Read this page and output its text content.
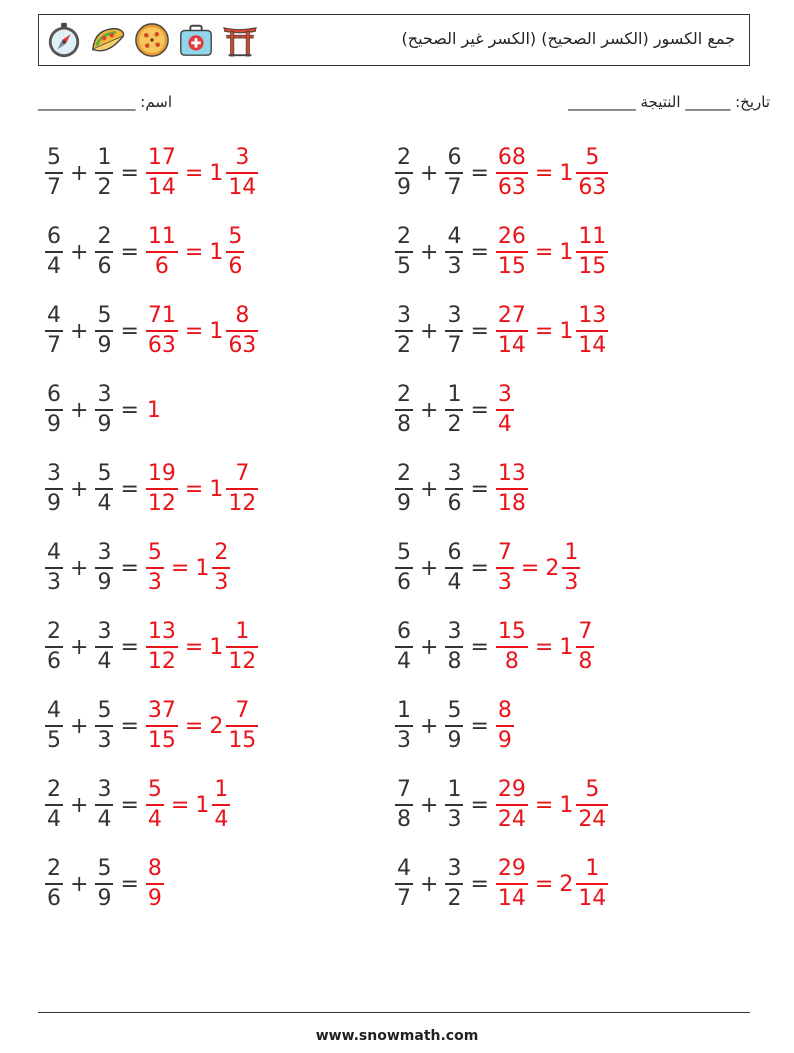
جمع الكسور (الكسر الصحيح) (الكسر غير الصحيح)
اسم: _____________	تاريخ: ______ النتيجة _________
$\frac{5}{7} + \frac{1}{2} = \frac{17}{14} = 1 \frac{3}{14}$	$\frac{2}{9} + \frac{6}{7} = \frac{68}{63} = 1 \frac{5}{63}$
$\frac{6}{4} + \frac{2}{6} = \frac{11}{6} = 1 \frac{5}{6}$	$\frac{2}{5} + \frac{4}{3} = \frac{26}{15} = 1 \frac{11}{15}$
$\frac{4}{7} + \frac{5}{9} = \frac{71}{63} = 1 \frac{8}{63}$	$\frac{3}{2} + \frac{3}{7} = \frac{27}{14} = 1 \frac{13}{14}$
$\frac{6}{9} + \frac{3}{9} = 1$	$\frac{2}{8} + \frac{1}{2} = \frac{3}{4}$
$\frac{3}{9} + \frac{5}{4} = \frac{19}{12} = 1 \frac{7}{12}$	$\frac{2}{9} + \frac{3}{6} = \frac{13}{18}$
$\frac{4}{3} + \frac{3}{9} = \frac{5}{3} = 1 \frac{2}{3}$	$\frac{5}{6} + \frac{6}{4} = \frac{7}{3} = 2 \frac{1}{3}$
$\frac{2}{6} + \frac{3}{4} = \frac{13}{12} = 1 \frac{1}{12}$	$\frac{6}{4} + \frac{3}{8} = \frac{15}{8} = 1 \frac{7}{8}$
$\frac{4}{5} + \frac{5}{3} = \frac{37}{15} = 2 \frac{7}{15}$	$\frac{1}{3} + \frac{5}{9} = \frac{8}{9}$
$\frac{2}{4} + \frac{3}{4} = \frac{5}{4} = 1 \frac{1}{4}$	$\frac{7}{8} + \frac{1}{3} = \frac{29}{24} = 1 \frac{5}{24}$
$\frac{2}{6} + \frac{5}{9} = \frac{8}{9}$	$\frac{4}{7} + \frac{3}{2} = \frac{29}{14} = 2 \frac{1}{14}$
www.snowmath.com
